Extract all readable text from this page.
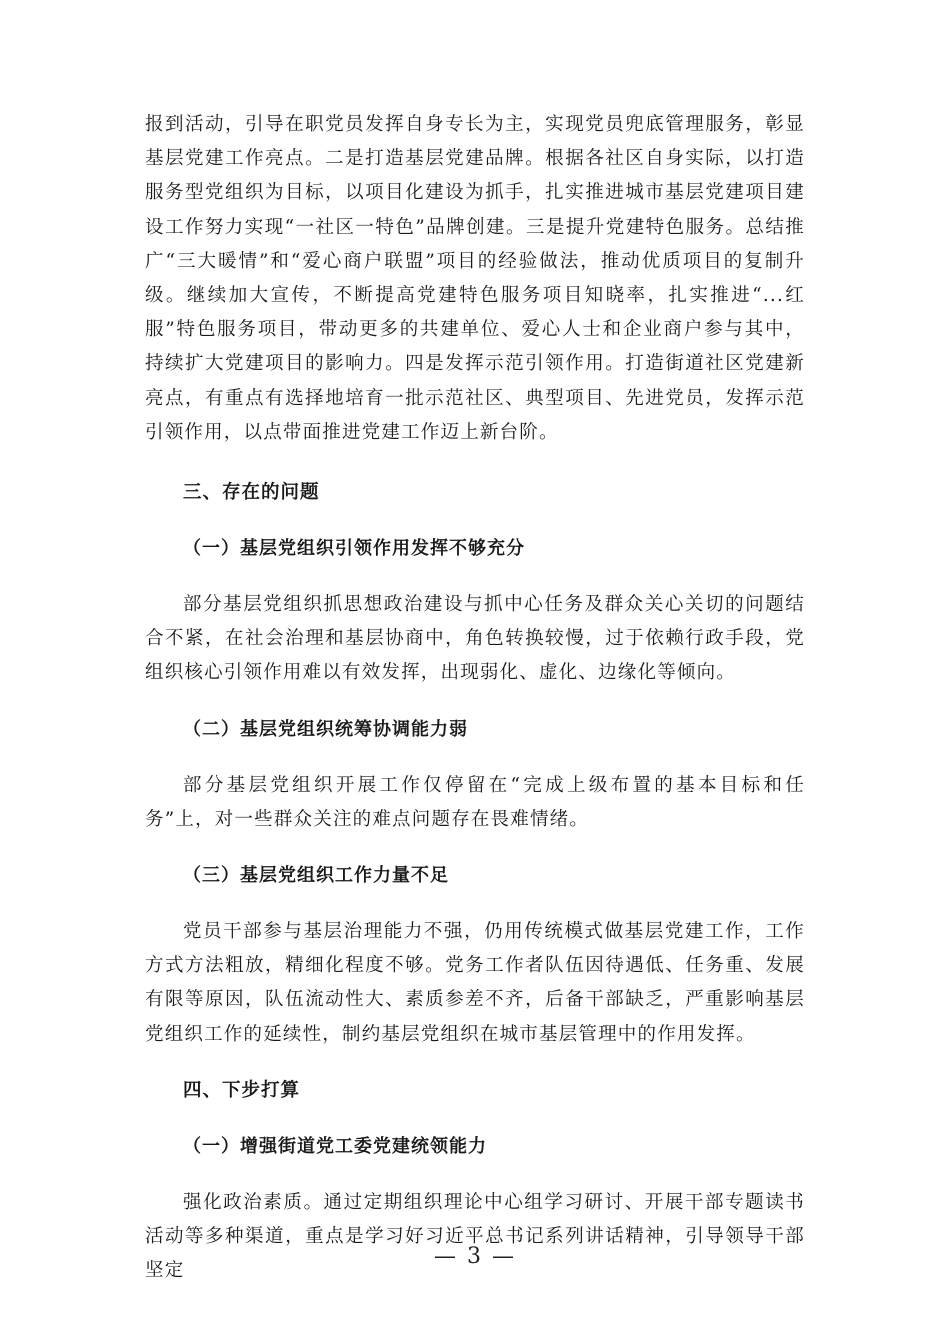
报到活动，引导在职党员发挥自身专长为主，实现党员兜底管理服务，彰显基层党建工作亮点。二是打造基层党建品牌。根据各社区自身实际，以打造服务型党组织为目标，以项目化建设为抓手，扎实推进城市基层党建项目建设工作努力实现“一社区一特色”品牌创建。三是提升党建特色服务。总结推广“三大暖情”和“爱心商户联盟”项目的经验做法，推动优质项目的复制升级。继续加大宣传，不断提高党建特色服务项目知晓率，扎实推进“...红服”特色服务项目，带动更多的共建单位、爱心人士和企业商户参与其中，持续扩大党建项目的影响力。四是发挥示范引领作用。打造街道社区党建新亮点，有重点有选择地培育一批示范社区、典型项目、先进党员，发挥示范引领作用，以点带面推进党建工作迈上新台阶。

三、存在的问题

（一）基层党组织引领作用发挥不够充分

部分基层党组织抓思想政治建设与抓中心任务及群众关心关切的问题结合不紧，在社会治理和基层协商中，角色转换较慢，过于依赖行政手段，党组织核心引领作用难以有效发挥，出现弱化、虚化、边缘化等倾向。

（二）基层党组织统筹协调能力弱

部分基层党组织开展工作仅停留在“完成上级布置的基本目标和任务”上，对一些群众关注的难点问题存在畏难情绪。

（三）基层党组织工作力量不足

党员干部参与基层治理能力不强，仍用传统模式做基层党建工作，工作方式方法粗放，精细化程度不够。党务工作者队伍因待遇低、任务重、发展有限等原因，队伍流动性大、素质参差不齐，后备干部缺乏，严重影响基层党组织工作的延续性，制约基层党组织在城市基层管理中的作用发挥。

四、下步打算

（一）增强街道党工委党建统领能力

强化政治素质。通过定期组织理论中心组学习研讨、开展干部专题读书活动等多种渠道，重点是学习好习近平总书记系列讲话精神，引导领导干部坚定

— 3 —
